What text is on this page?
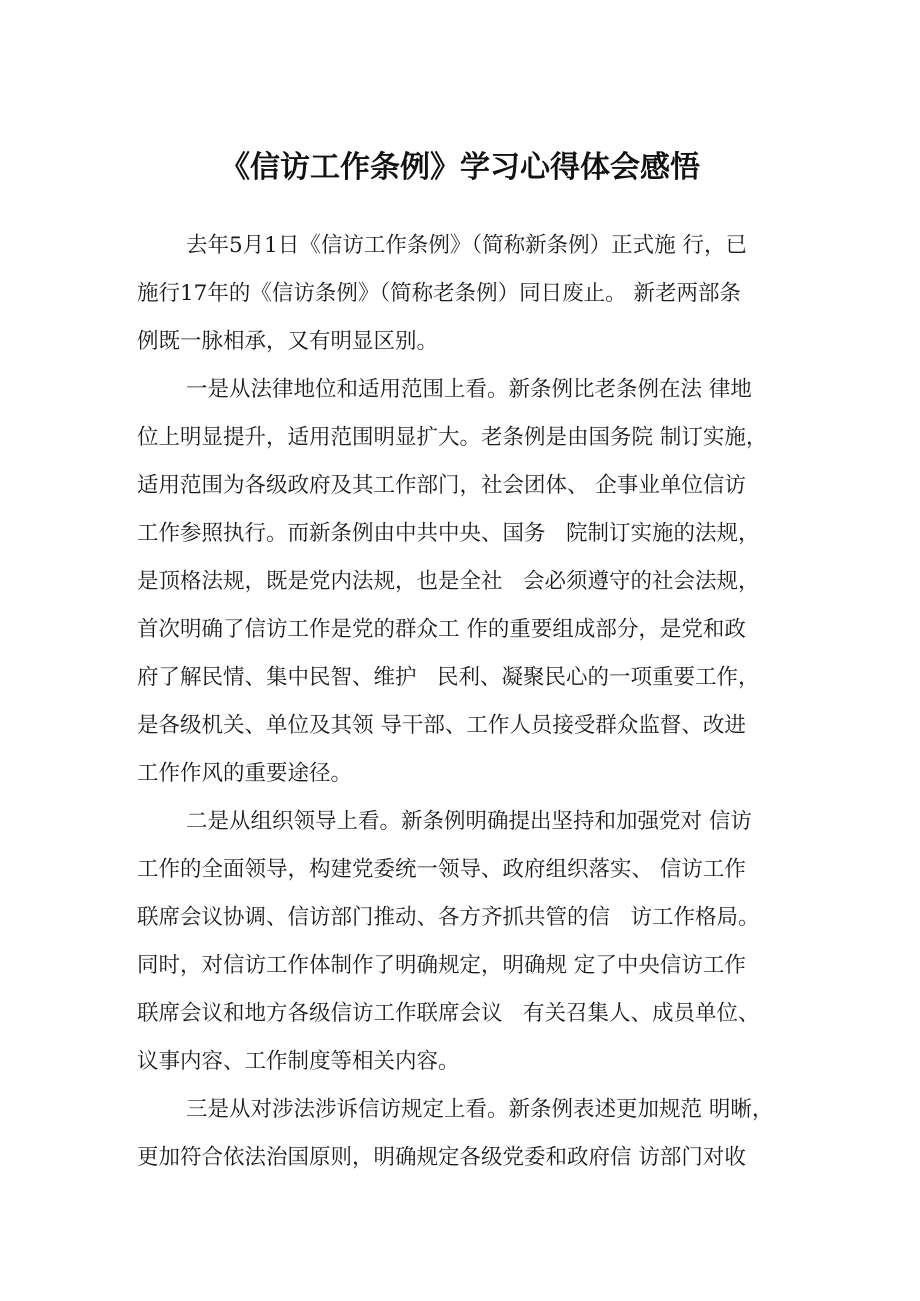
《信访工作条例》学习心得体会感悟

去年5月1日《信访工作条例》（简称新条例）正式施 行，已

施行17年的《信访条例》（简称老条例）同日废止。 新老两部条

例既一脉相承，又有明显区别。

一是从法律地位和适用范围上看。新条例比老条例在法 律地

位上明显提升，适用范围明显扩大。老条例是由国务院 制订实施，

适用范围为各级政府及其工作部门，社会团体、 企事业单位信访

工作参照执行。而新条例由中共中央、国务   院制订实施的法规，

是顶格法规，既是党内法规，也是全社   会必须遵守的社会法规，

首次明确了信访工作是党的群众工 作的重要组成部分，是党和政

府了解民情、集中民智、维护   民利、凝聚民心的一项重要工作，

是各级机关、单位及其领 导干部、工作人员接受群众监督、改进

工作作风的重要途径。

二是从组织领导上看。新条例明确提出坚持和加强党对 信访

工作的全面领导，构建党委统一领导、政府组织落实、 信访工作

联席会议协调、信访部门推动、各方齐抓共管的信   访工作格局。

同时，对信访工作体制作了明确规定，明确规 定了中央信访工作

联席会议和地方各级信访工作联席会议   有关召集人、成员单位、

议事内容、工作制度等相关内容。

三是从对涉法涉诉信访规定上看。新条例表述更加规范 明晰，

更加符合依法治国原则，明确规定各级党委和政府信 访部门对收
